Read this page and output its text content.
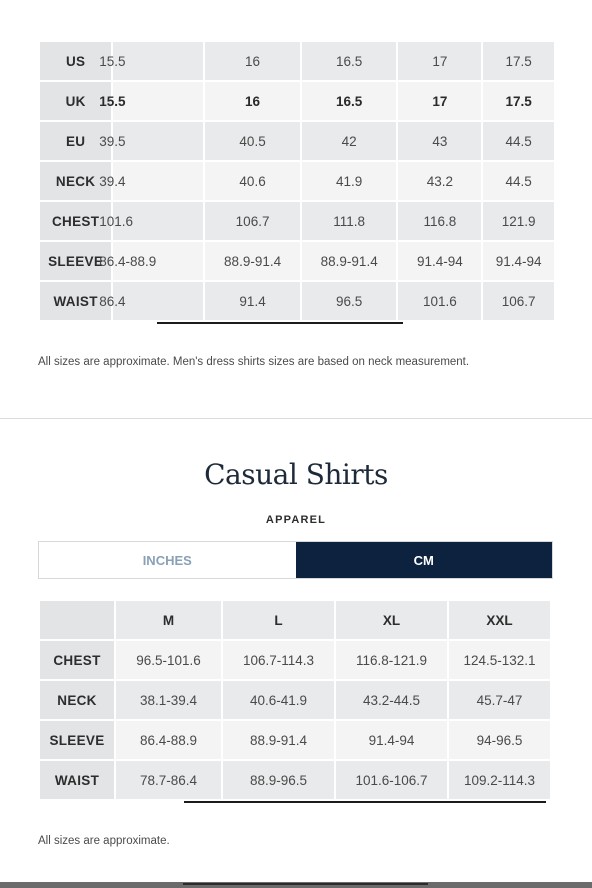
US	15.5	16	16.5	17	17.5
UK	15.5	16	16.5	17	17.5
EU	39.5	40.5	42	43	44.5
NECK	39.4	40.6	41.9	43.2	44.5
CHEST	101.6	106.7	111.8	116.8	121.9
SLEEVE	86.4-88.9	88.9-91.4	88.9-91.4	91.4-94	91.4-94
WAIST	86.4	91.4	96.5	101.6	106.7
All sizes are approximate. Men's dress shirts sizes are based on neck measurement.
Casual Shirts
APPAREL
INCHES	CM
	M	L	XL	XXL
CHEST	96.5-101.6	106.7-114.3	116.8-121.9	124.5-132.1
NECK	38.1-39.4	40.6-41.9	43.2-44.5	45.7-47
SLEEVE	86.4-88.9	88.9-91.4	91.4-94	94-96.5
WAIST	78.7-86.4	88.9-96.5	101.6-106.7	109.2-114.3
All sizes are approximate.
